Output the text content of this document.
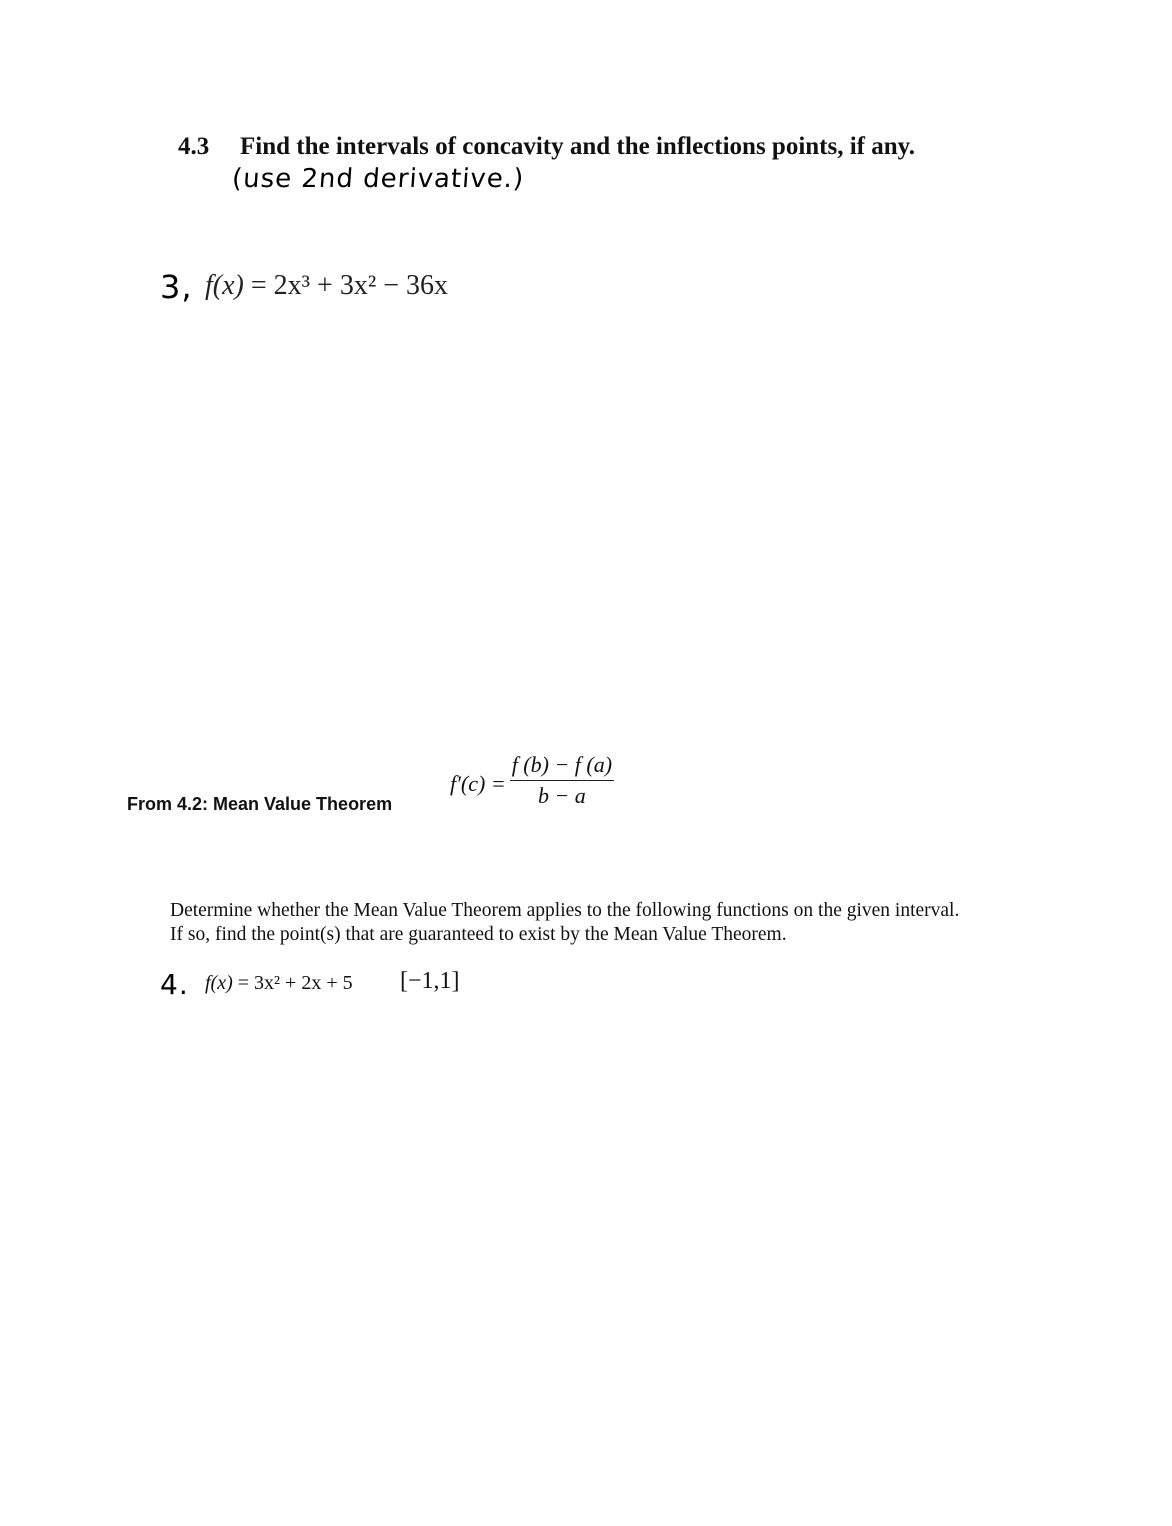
4.3 Find the intervals of concavity and the inflections points, if any.
(use 2nd derivative.)
3, f(x) = 2x³ + 3x² − 36x
From 4.2: Mean Value Theorem
$f'(c) = \frac{f (b) - f (a)}{b - a}$
Determine whether the Mean Value Theorem applies to the following functions on the given interval. If so, find the point(s) that are guaranteed to exist by the Mean Value Theorem.
4. f(x) = 3x² + 2x + 5 [−1,1]
